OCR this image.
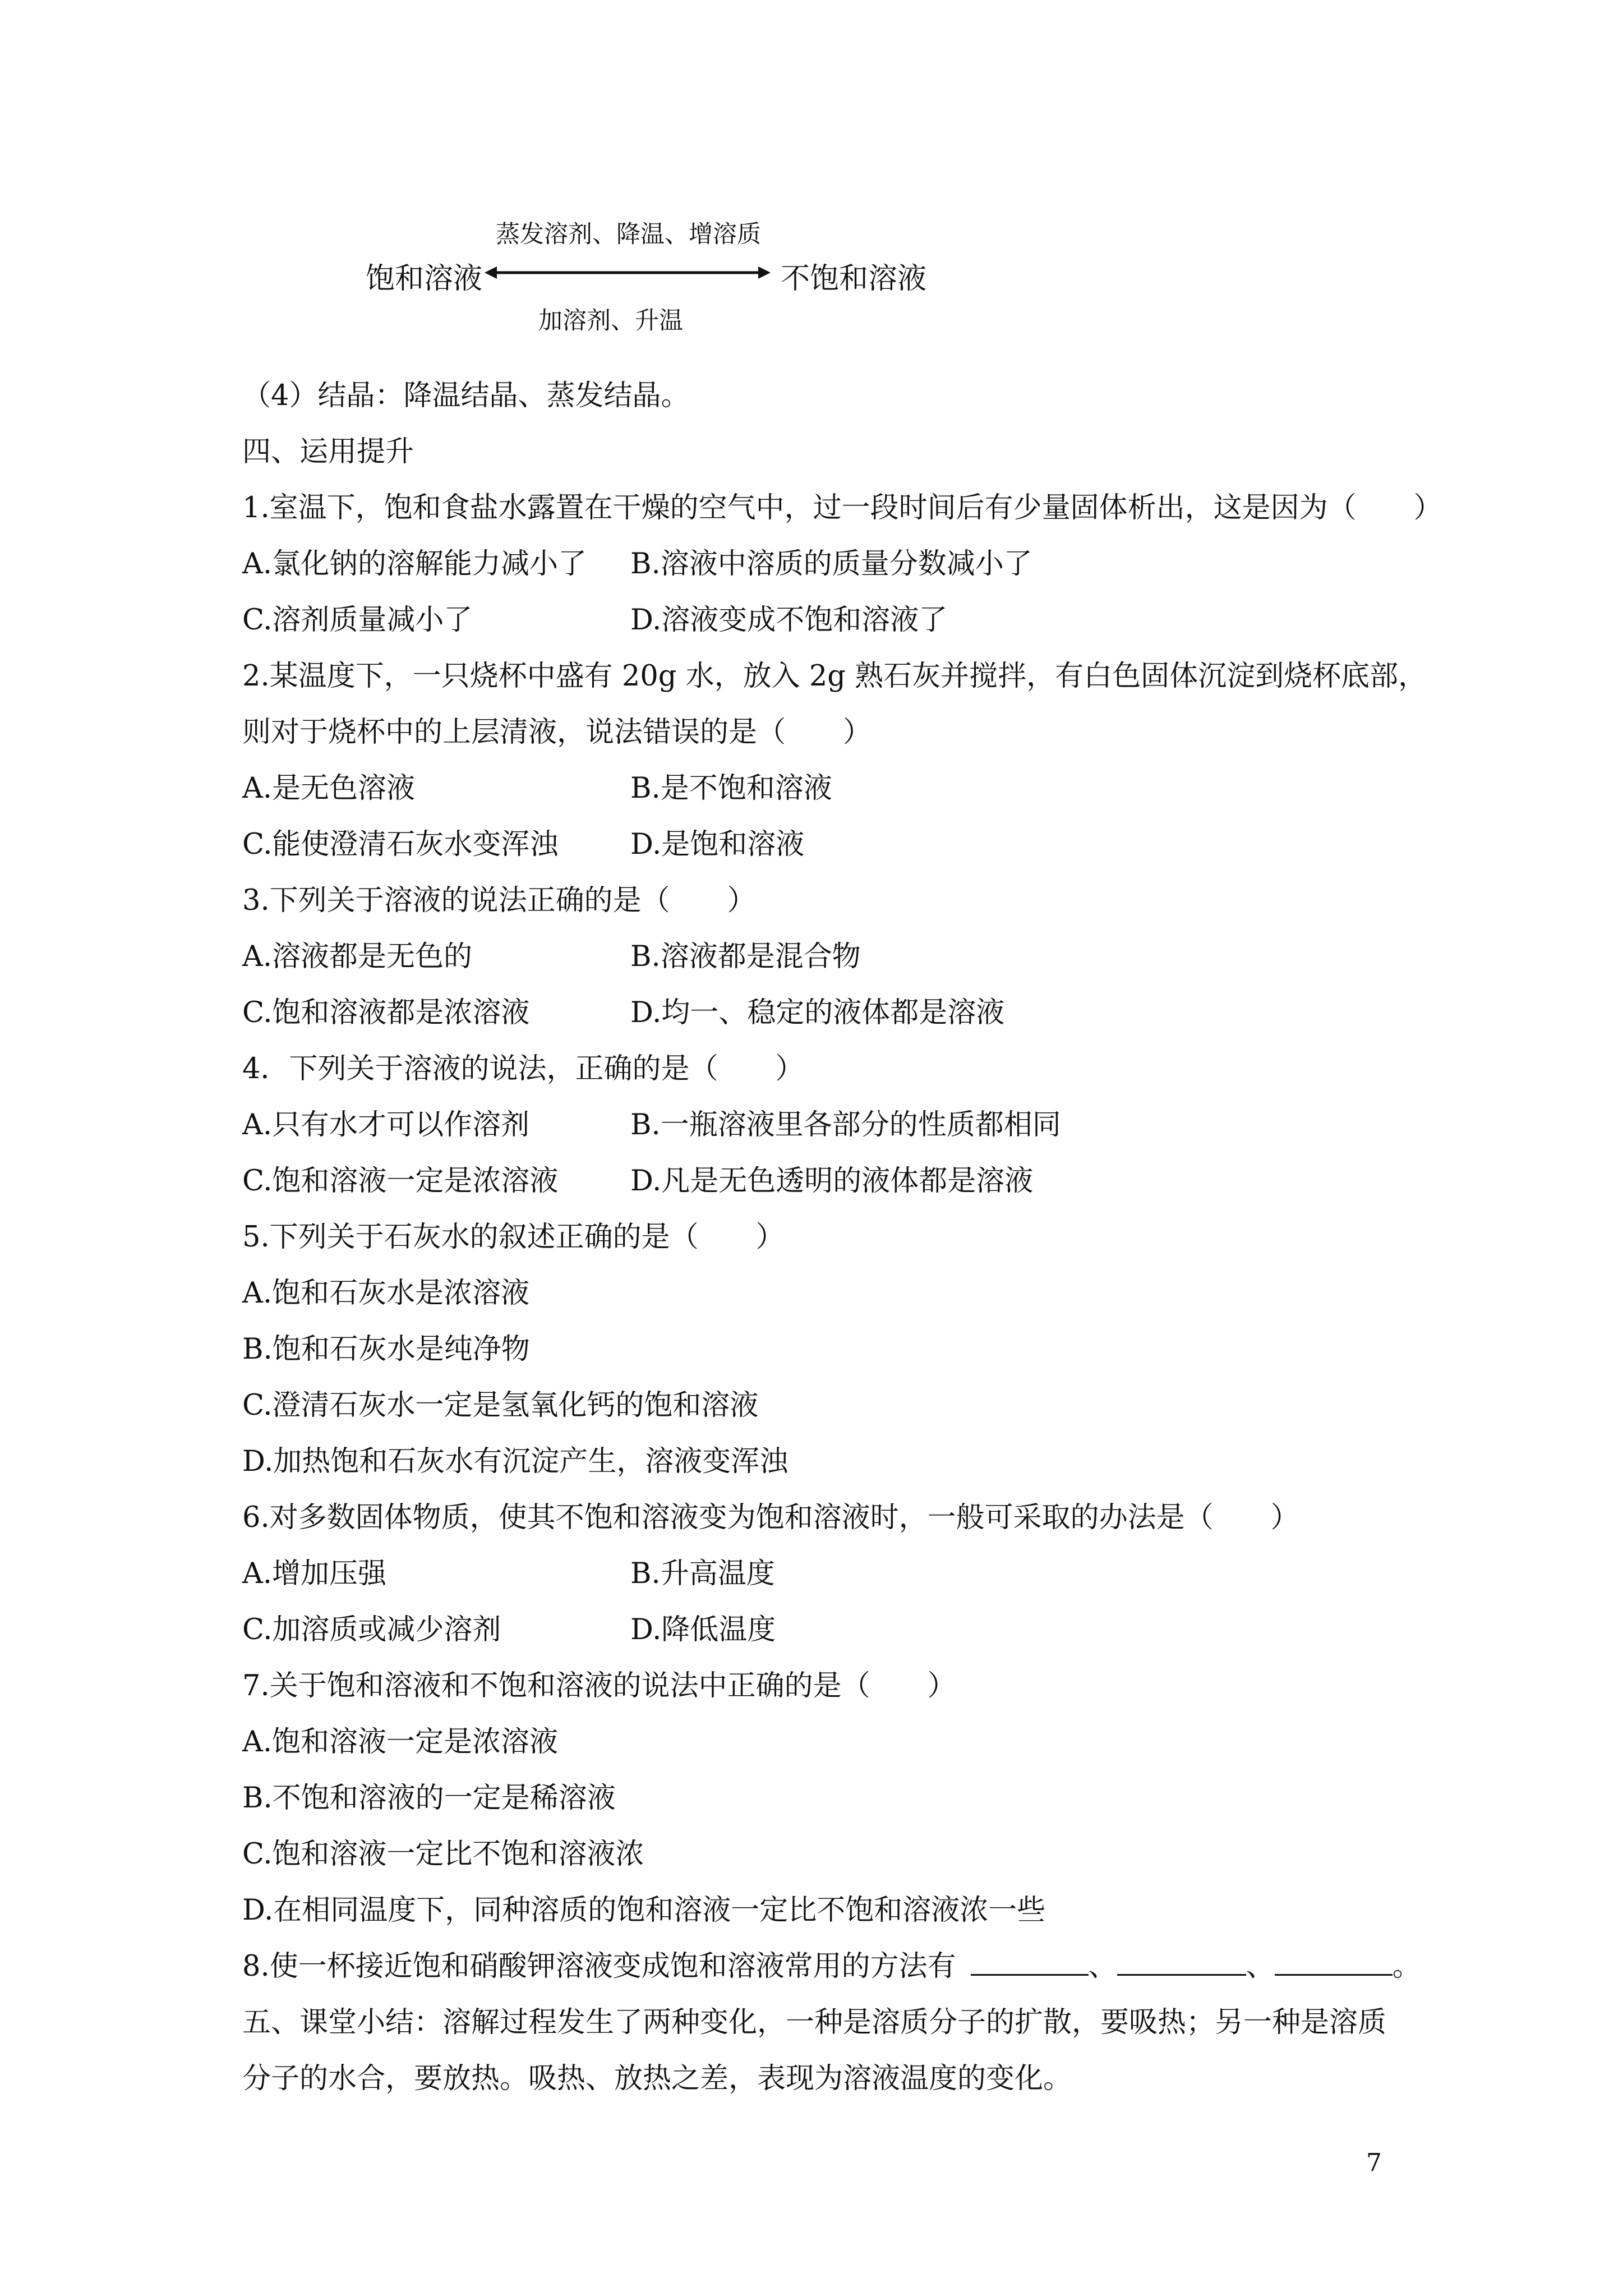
蒸发溶剂、降温、增溶质
饱和溶液	不饱和溶液
加溶剂、升温
（4）结晶：降温结晶、蒸发结晶。
四、运用提升
1.室温下，饱和食盐水露置在干燥的空气中，过一段时间后有少量固体析出，这是因为（　　）
A.氯化钠的溶解能力减小了	B.溶液中溶质的质量分数减小了
C.溶剂质量减小了	D.溶液变成不饱和溶液了
2.某温度下，一只烧杯中盛有 20g 水，放入 2g 熟石灰并搅拌，有白色固体沉淀到烧杯底部，
则对于烧杯中的上层清液，说法错误的是（　　）
A.是无色溶液	B.是不饱和溶液
C.能使澄清石灰水变浑浊	D.是饱和溶液
3.下列关于溶液的说法正确的是（　　）
A.溶液都是无色的	B.溶液都是混合物
C.饱和溶液都是浓溶液	D.均一、稳定的液体都是溶液
4．下列关于溶液的说法，正确的是（　　）
A.只有水才可以作溶剂	B.一瓶溶液里各部分的性质都相同
C.饱和溶液一定是浓溶液	D.凡是无色透明的液体都是溶液
5.下列关于石灰水的叙述正确的是（　　）
A.饱和石灰水是浓溶液
B.饱和石灰水是纯净物
C.澄清石灰水一定是氢氧化钙的饱和溶液
D.加热饱和石灰水有沉淀产生，溶液变浑浊
6.对多数固体物质，使其不饱和溶液变为饱和溶液时，一般可采取的办法是（　　）
A.增加压强	B.升高温度
C.加溶质或减少溶剂	D.降低温度
7.关于饱和溶液和不饱和溶液的说法中正确的是（　　）
A.饱和溶液一定是浓溶液
B.不饱和溶液的一定是稀溶液
C.饱和溶液一定比不饱和溶液浓
D.在相同温度下，同种溶质的饱和溶液一定比不饱和溶液浓一些
8.使一杯接近饱和硝酸钾溶液变成饱和溶液常用的方法有	、	、	。
五、课堂小结：溶解过程发生了两种变化，一种是溶质分子的扩散，要吸热；另一种是溶质
分子的水合，要放热。吸热、放热之差，表现为溶液温度的变化。
7
